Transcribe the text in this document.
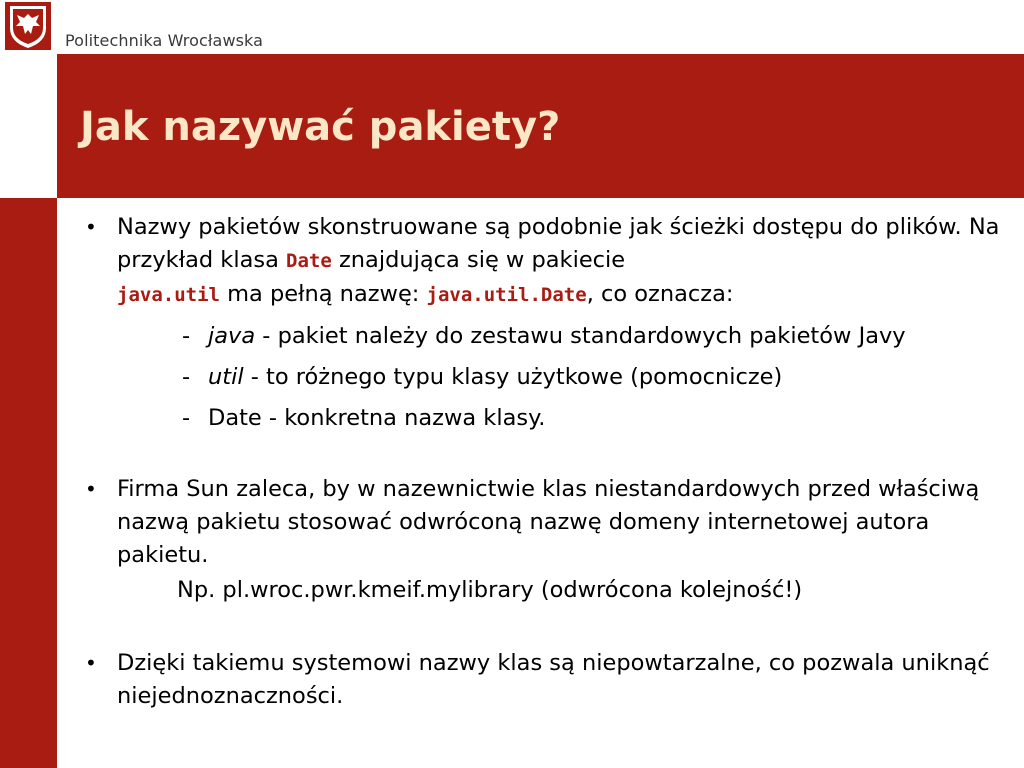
Politechnika Wrocławska
Jak nazywać pakiety?

• Nazwy pakietów skonstruowane są podobnie jak ścieżki dostępu do plików. Na przykład klasa Date znajdująca się w pakiecie
java.util ma pełną nazwę: java.util.Date, co oznacza:

- java - pakiet należy do zestawu standardowych pakietów Javy

- util - to różnego typu klasy użytkowe (pomocnicze)

- Date - konkretna nazwa klasy.

• Firma Sun zaleca, by w nazewnictwie klas niestandardowych przed właściwą nazwą pakietu stosować odwróconą nazwę domeny internetowej autora pakietu.

Np. pl.wroc.pwr.kmeif.mylibrary (odwrócona kolejność!)

• Dzięki takiemu systemowi nazwy klas są niepowtarzalne, co pozwala uniknąć niejednoznaczności.
